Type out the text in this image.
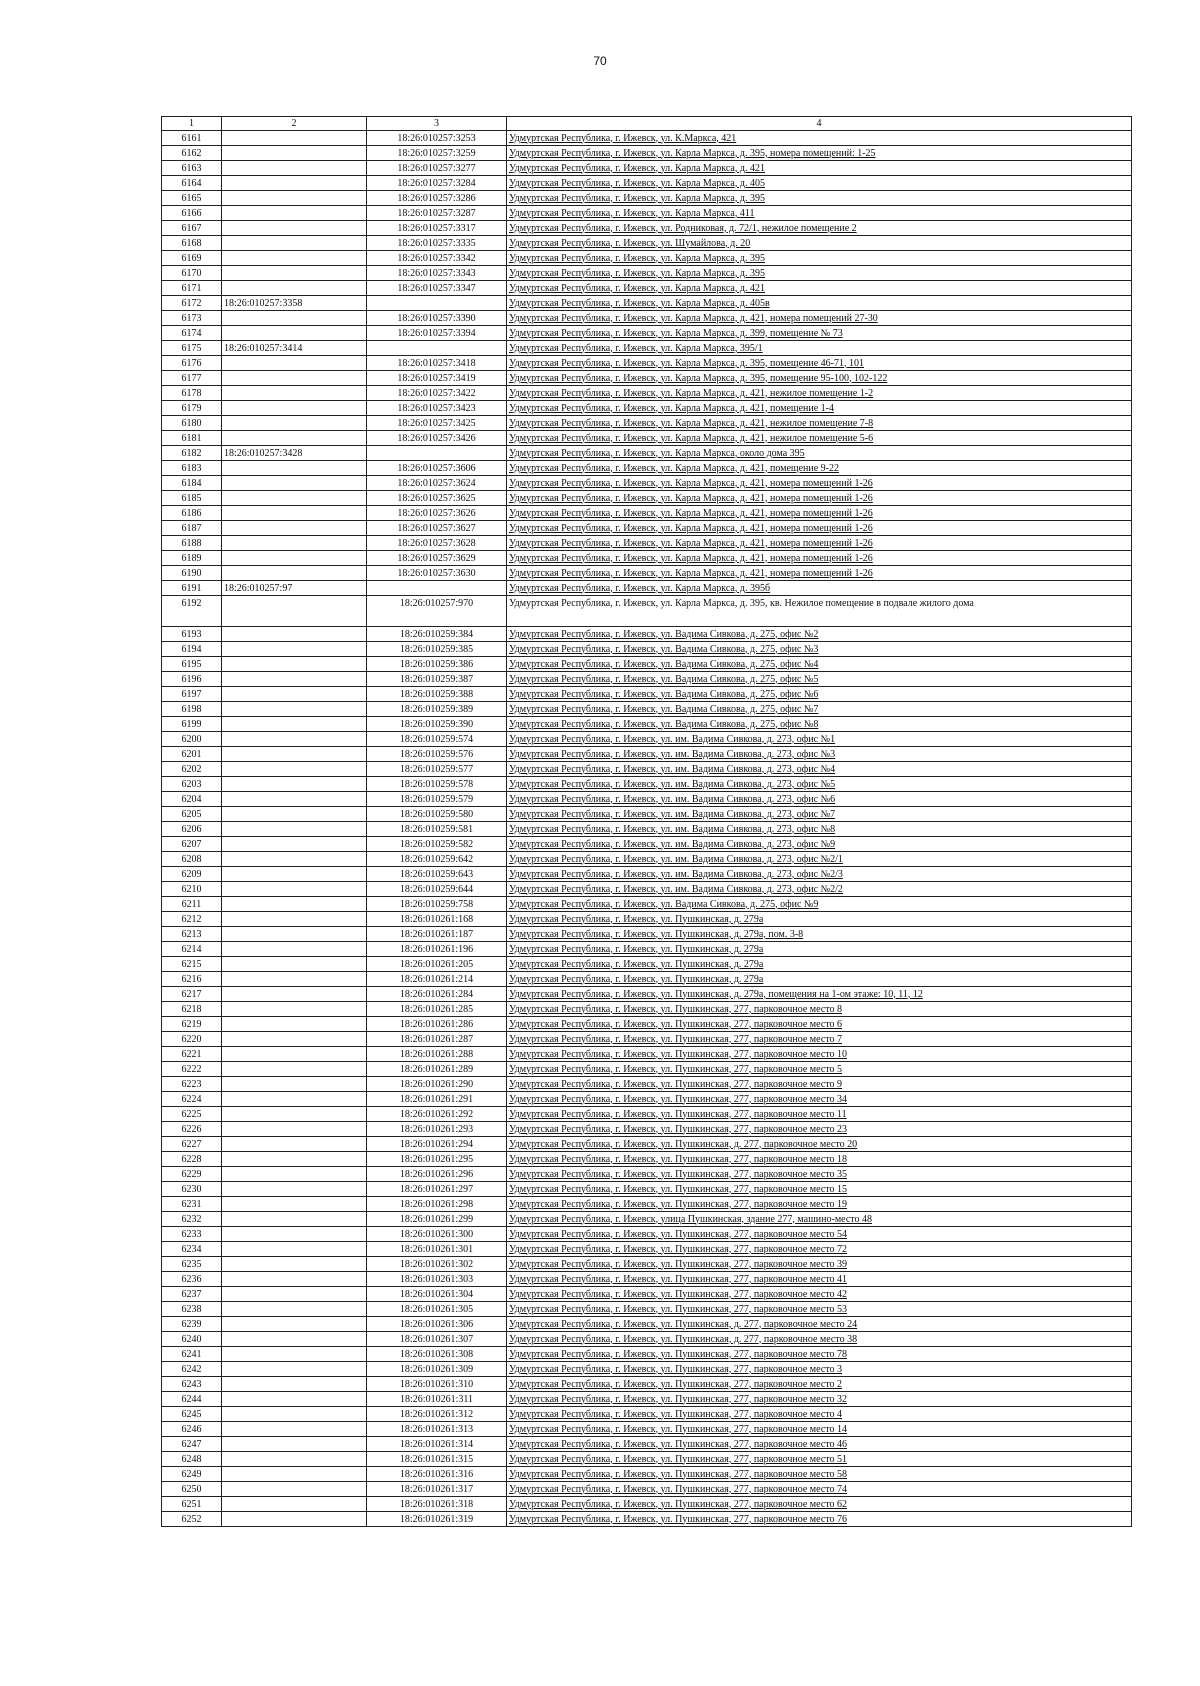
70
1	2	3	4
6161		18:26:010257:3253	Удмуртская Республика, г. Ижевск, ул. К.Маркса, 421
6162		18:26:010257:3259	Удмуртская Республика, г. Ижевск, ул. Карла Маркса, д. 395, номера помещений: 1-25
6163		18:26:010257:3277	Удмуртская Республика, г. Ижевск, ул. Карла Маркса, д. 421
6164		18:26:010257:3284	Удмуртская Республика, г. Ижевск, ул. Карла Маркса, д. 405
6165		18:26:010257:3286	Удмуртская Республика, г. Ижевск, ул. Карла Маркса, д. 395
6166		18:26:010257:3287	Удмуртская Республика, г. Ижевск, ул. Карла Маркса, 411
6167		18:26:010257:3317	Удмуртская Республика, г. Ижевск, ул. Родниковая, д. 72/1, нежилое помещение 2
6168		18:26:010257:3335	Удмуртская Республика, г. Ижевск, ул. Шумайлова, д. 20
6169		18:26:010257:3342	Удмуртская Республика, г. Ижевск, ул. Карла Маркса, д. 395
6170		18:26:010257:3343	Удмуртская Республика, г. Ижевск, ул. Карла Маркса, д. 395
6171		18:26:010257:3347	Удмуртская Республика, г. Ижевск, ул. Карла Маркса, д. 421
6172	18:26:010257:3358		Удмуртская Республика, г. Ижевск, ул. Карла Маркса, д. 405в
6173		18:26:010257:3390	Удмуртская Республика, г. Ижевск, ул. Карла Маркса, д. 421, номера помещений 27-30
6174		18:26:010257:3394	Удмуртская Республика, г. Ижевск, ул. Карла Маркса, д. 399, помещение № 73
6175	18:26:010257:3414		Удмуртская Республика, г. Ижевск, ул. Карла Маркса, 395/1
6176		18:26:010257:3418	Удмуртская Республика, г. Ижевск, ул. Карла Маркса, д. 395, помещение 46-71, 101
6177		18:26:010257:3419	Удмуртская Республика, г. Ижевск, ул. Карла Маркса, д. 395, помещение 95-100, 102-122
6178		18:26:010257:3422	Удмуртская Республика, г. Ижевск, ул. Карла Маркса, д. 421, нежилое помещение 1-2
6179		18:26:010257:3423	Удмуртская Республика, г. Ижевск, ул. Карла Маркса, д. 421, помещение 1-4
6180		18:26:010257:3425	Удмуртская Республика, г. Ижевск, ул. Карла Маркса, д. 421, нежилое помещение 7-8
6181		18:26:010257:3426	Удмуртская Республика, г. Ижевск, ул. Карла Маркса, д. 421, нежилое помещение 5-6
6182	18:26:010257:3428		Удмуртская Республика, г. Ижевск, ул. Карла Маркса, около дома 395
6183		18:26:010257:3606	Удмуртская Республика, г. Ижевск, ул. Карла Маркса, д. 421, помещение 9-22
6184		18:26:010257:3624	Удмуртская Республика, г. Ижевск, ул. Карла Маркса, д. 421, номера помещений 1-26
6185		18:26:010257:3625	Удмуртская Республика, г. Ижевск, ул. Карла Маркса, д. 421, номера помещений 1-26
6186		18:26:010257:3626	Удмуртская Республика, г. Ижевск, ул. Карла Маркса, д. 421, номера помещений 1-26
6187		18:26:010257:3627	Удмуртская Республика, г. Ижевск, ул. Карла Маркса, д. 421, номера помещений 1-26
6188		18:26:010257:3628	Удмуртская Республика, г. Ижевск, ул. Карла Маркса, д. 421, номера помещений 1-26
6189		18:26:010257:3629	Удмуртская Республика, г. Ижевск, ул. Карла Маркса, д. 421, номера помещений 1-26
6190		18:26:010257:3630	Удмуртская Республика, г. Ижевск, ул. Карла Маркса, д. 421, номера помещений 1-26
6191	18:26:010257:97		Удмуртская Республика, г. Ижевск, ул. Карла Маркса, д. 395б
6192		18:26:010257:970	Удмуртская Республика, г. Ижевск, ул. Карла Маркса, д. 395, кв. Нежилое помещение в подвале жилого дома
6193		18:26:010259:384	Удмуртская Республика, г. Ижевск, ул. Вадима Сивкова, д. 275, офис №2
6194		18:26:010259:385	Удмуртская Республика, г. Ижевск, ул. Вадима Сивкова, д. 275, офис №3
6195		18:26:010259:386	Удмуртская Республика, г. Ижевск, ул. Вадима Сивкова, д. 275, офис №4
6196		18:26:010259:387	Удмуртская Республика, г. Ижевск, ул. Вадима Сивкова, д. 275, офис №5
6197		18:26:010259:388	Удмуртская Республика, г. Ижевск, ул. Вадима Сивкова, д. 275, офис №6
6198		18:26:010259:389	Удмуртская Республика, г. Ижевск, ул. Вадима Сивкова, д. 275, офис №7
6199		18:26:010259:390	Удмуртская Республика, г. Ижевск, ул. Вадима Сивкова, д. 275, офис №8
6200		18:26:010259:574	Удмуртская Республика, г. Ижевск, ул. им. Вадима Сивкова, д. 273, офис №1
6201		18:26:010259:576	Удмуртская Республика, г. Ижевск, ул. им. Вадима Сивкова, д. 273, офис №3
6202		18:26:010259:577	Удмуртская Республика, г. Ижевск, ул. им. Вадима Сивкова, д. 273, офис №4
6203		18:26:010259:578	Удмуртская Республика, г. Ижевск, ул. им. Вадима Сивкова, д. 273, офис №5
6204		18:26:010259:579	Удмуртская Республика, г. Ижевск, ул. им. Вадима Сивкова, д. 273, офис №6
6205		18:26:010259:580	Удмуртская Республика, г. Ижевск, ул. им. Вадима Сивкова, д. 273, офис №7
6206		18:26:010259:581	Удмуртская Республика, г. Ижевск, ул. им. Вадима Сивкова, д. 273, офис №8
6207		18:26:010259:582	Удмуртская Республика, г. Ижевск, ул. им. Вадима Сивкова, д. 273, офис №9
6208		18:26:010259:642	Удмуртская Республика, г. Ижевск, ул. им. Вадима Сивкова, д. 273, офис №2/1
6209		18:26:010259:643	Удмуртская Республика, г. Ижевск, ул. им. Вадима Сивкова, д. 273, офис №2/3
6210		18:26:010259:644	Удмуртская Республика, г. Ижевск, ул. им. Вадима Сивкова, д. 273, офис №2/2
6211		18:26:010259:758	Удмуртская Республика, г. Ижевск, ул. Вадима Сивкова, д. 275, офис №9
6212		18:26:010261:168	Удмуртская Республика, г. Ижевск, ул. Пушкинская, д. 279а
6213		18:26:010261:187	Удмуртская Республика, г. Ижевск, ул. Пушкинская, д. 279а, пом. 3-8
6214		18:26:010261:196	Удмуртская Республика, г. Ижевск, ул. Пушкинская, д. 279а
6215		18:26:010261:205	Удмуртская Республика, г. Ижевск, ул. Пушкинская, д. 279а
6216		18:26:010261:214	Удмуртская Республика, г. Ижевск, ул. Пушкинская, д. 279а
6217		18:26:010261:284	Удмуртская Республика, г. Ижевск, ул. Пушкинская, д. 279а, помещения на 1-ом этаже: 10, 11, 12
6218		18:26:010261:285	Удмуртская Республика, г. Ижевск, ул. Пушкинская, 277, парковочное место 8
6219		18:26:010261:286	Удмуртская Республика, г. Ижевск, ул. Пушкинская, 277, парковочное место 6
6220		18:26:010261:287	Удмуртская Республика, г. Ижевск, ул. Пушкинская, 277, парковочное место 7
6221		18:26:010261:288	Удмуртская Республика, г. Ижевск, ул. Пушкинская, 277, парковочное место 10
6222		18:26:010261:289	Удмуртская Республика, г. Ижевск, ул. Пушкинская, 277, парковочное место 5
6223		18:26:010261:290	Удмуртская Республика, г. Ижевск, ул. Пушкинская, 277, парковочное место 9
6224		18:26:010261:291	Удмуртская Республика, г. Ижевск, ул. Пушкинская, 277, парковочное место 34
6225		18:26:010261:292	Удмуртская Республика, г. Ижевск, ул. Пушкинская, 277, парковочное место 11
6226		18:26:010261:293	Удмуртская Республика, г. Ижевск, ул. Пушкинская, 277, парковочное место 23
6227		18:26:010261:294	Удмуртская Республика, г. Ижевск, ул. Пушкинская, д. 277, парковочное место 20
6228		18:26:010261:295	Удмуртская Республика, г. Ижевск, ул. Пушкинская, 277, парковочное место 18
6229		18:26:010261:296	Удмуртская Республика, г. Ижевск, ул. Пушкинская, 277, парковочное место 35
6230		18:26:010261:297	Удмуртская Республика, г. Ижевск, ул. Пушкинская, 277, парковочное место 15
6231		18:26:010261:298	Удмуртская Республика, г. Ижевск, ул. Пушкинская, 277, парковочное место 19
6232		18:26:010261:299	Удмуртская Республика, г. Ижевск, улица Пушкинская, здание 277, машино-место 48
6233		18:26:010261:300	Удмуртская Республика, г. Ижевск, ул. Пушкинская, 277, парковочное место 54
6234		18:26:010261:301	Удмуртская Республика, г. Ижевск, ул. Пушкинская, 277, парковочное место 72
6235		18:26:010261:302	Удмуртская Республика, г. Ижевск, ул. Пушкинская, 277, парковочное место 39
6236		18:26:010261:303	Удмуртская Республика, г. Ижевск, ул. Пушкинская, 277, парковочное место 41
6237		18:26:010261:304	Удмуртская Республика, г. Ижевск, ул. Пушкинская, 277, парковочное место 42
6238		18:26:010261:305	Удмуртская Республика, г. Ижевск, ул. Пушкинская, 277, парковочное место 53
6239		18:26:010261:306	Удмуртская Республика, г. Ижевск, ул. Пушкинская, д. 277, парковочное место 24
6240		18:26:010261:307	Удмуртская Республика, г. Ижевск, ул. Пушкинская, д. 277, парковочное место 38
6241		18:26:010261:308	Удмуртская Республика, г. Ижевск, ул. Пушкинская, 277, парковочное место 78
6242		18:26:010261:309	Удмуртская Республика, г. Ижевск, ул. Пушкинская, 277, парковочное место 3
6243		18:26:010261:310	Удмуртская Республика, г. Ижевск, ул. Пушкинская, 277, парковочное место 2
6244		18:26:010261:311	Удмуртская Республика, г. Ижевск, ул. Пушкинская, 277, парковочное место 32
6245		18:26:010261:312	Удмуртская Республика, г. Ижевск, ул. Пушкинская, 277, парковочное место 4
6246		18:26:010261:313	Удмуртская Республика, г. Ижевск, ул. Пушкинская, 277, парковочное место 14
6247		18:26:010261:314	Удмуртская Республика, г. Ижевск, ул. Пушкинская, 277, парковочное место 46
6248		18:26:010261:315	Удмуртская Республика, г. Ижевск, ул. Пушкинская, 277, парковочное место 51
6249		18:26:010261:316	Удмуртская Республика, г. Ижевск, ул. Пушкинская, 277, парковочное место 58
6250		18:26:010261:317	Удмуртская Республика, г. Ижевск, ул. Пушкинская, 277, парковочное место 74
6251		18:26:010261:318	Удмуртская Республика, г. Ижевск, ул. Пушкинская, 277, парковочное место 62
6252		18:26:010261:319	Удмуртская Республика, г. Ижевск, ул. Пушкинская, 277, парковочное место 76
